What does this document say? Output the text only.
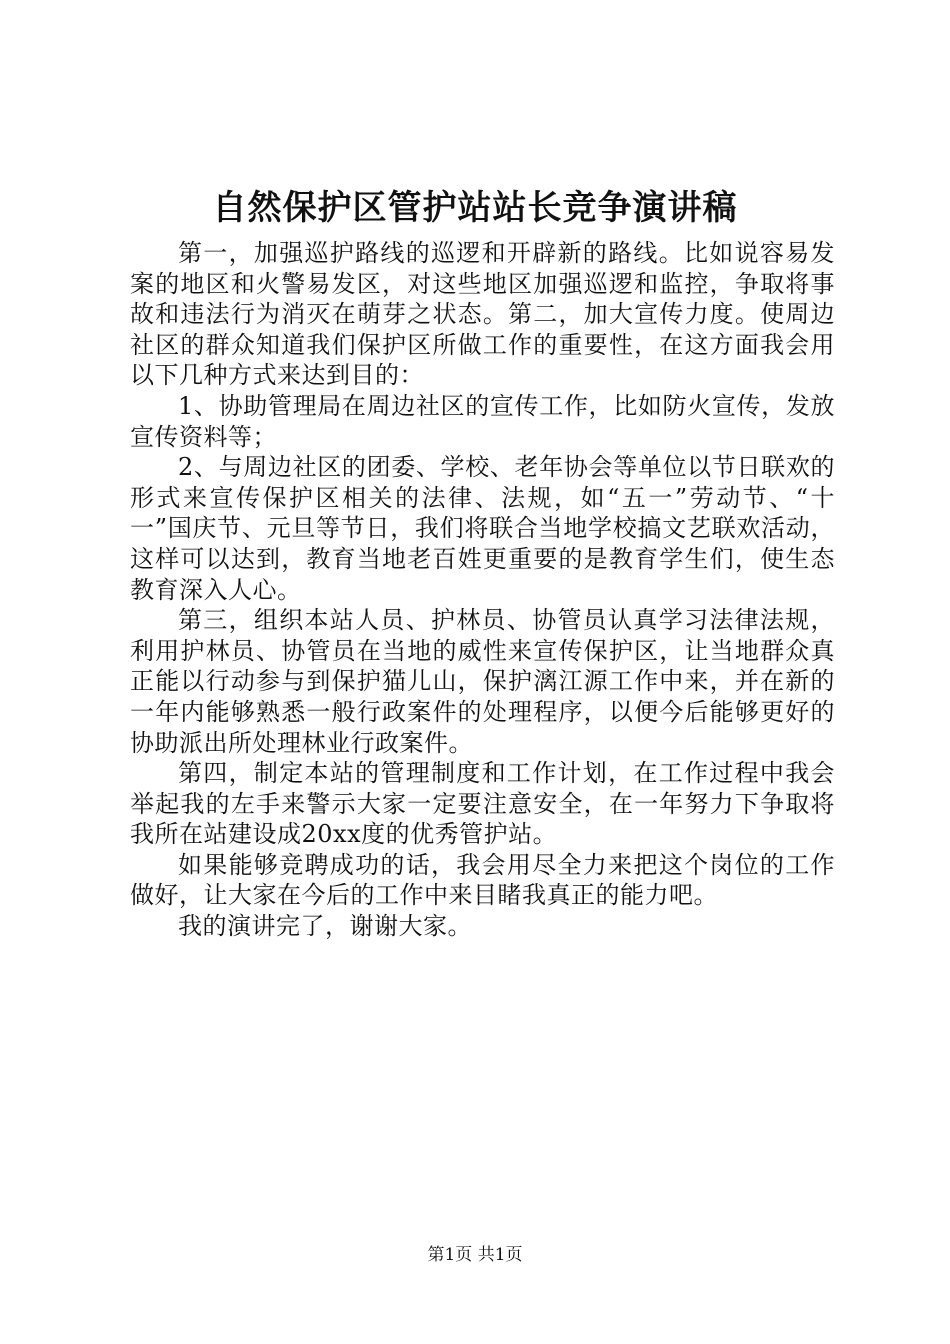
自然保护区管护站站长竞争演讲稿

第一，加强巡护路线的巡逻和开辟新的路线。比如说容易发案的地区和火警易发区，对这些地区加强巡逻和监控，争取将事故和违法行为消灭在萌芽之状态。第二，加大宣传力度。使周边社区的群众知道我们保护区所做工作的重要性，在这方面我会用以下几种方式来达到目的：

1、协助管理局在周边社区的宣传工作，比如防火宣传，发放宣传资料等；

2、与周边社区的团委、学校、老年协会等单位以节日联欢的形式来宣传保护区相关的法律、法规，如“五一”劳动节、“十一”国庆节、元旦等节日，我们将联合当地学校搞文艺联欢活动，这样可以达到，教育当地老百姓更重要的是教育学生们，使生态教育深入人心。

第三，组织本站人员、护林员、协管员认真学习法律法规，利用护林员、协管员在当地的威性来宣传保护区，让当地群众真正能以行动参与到保护猫儿山，保护漓江源工作中来，并在新的一年内能够熟悉一般行政案件的处理程序，以便今后能够更好的协助派出所处理林业行政案件。

第四，制定本站的管理制度和工作计划，在工作过程中我会举起我的左手来警示大家一定要注意安全，在一年努力下争取将我所在站建设成20xx度的优秀管护站。

如果能够竞聘成功的话，我会用尽全力来把这个岗位的工作做好，让大家在今后的工作中来目睹我真正的能力吧。

我的演讲完了，谢谢大家。

第1页 共1页
